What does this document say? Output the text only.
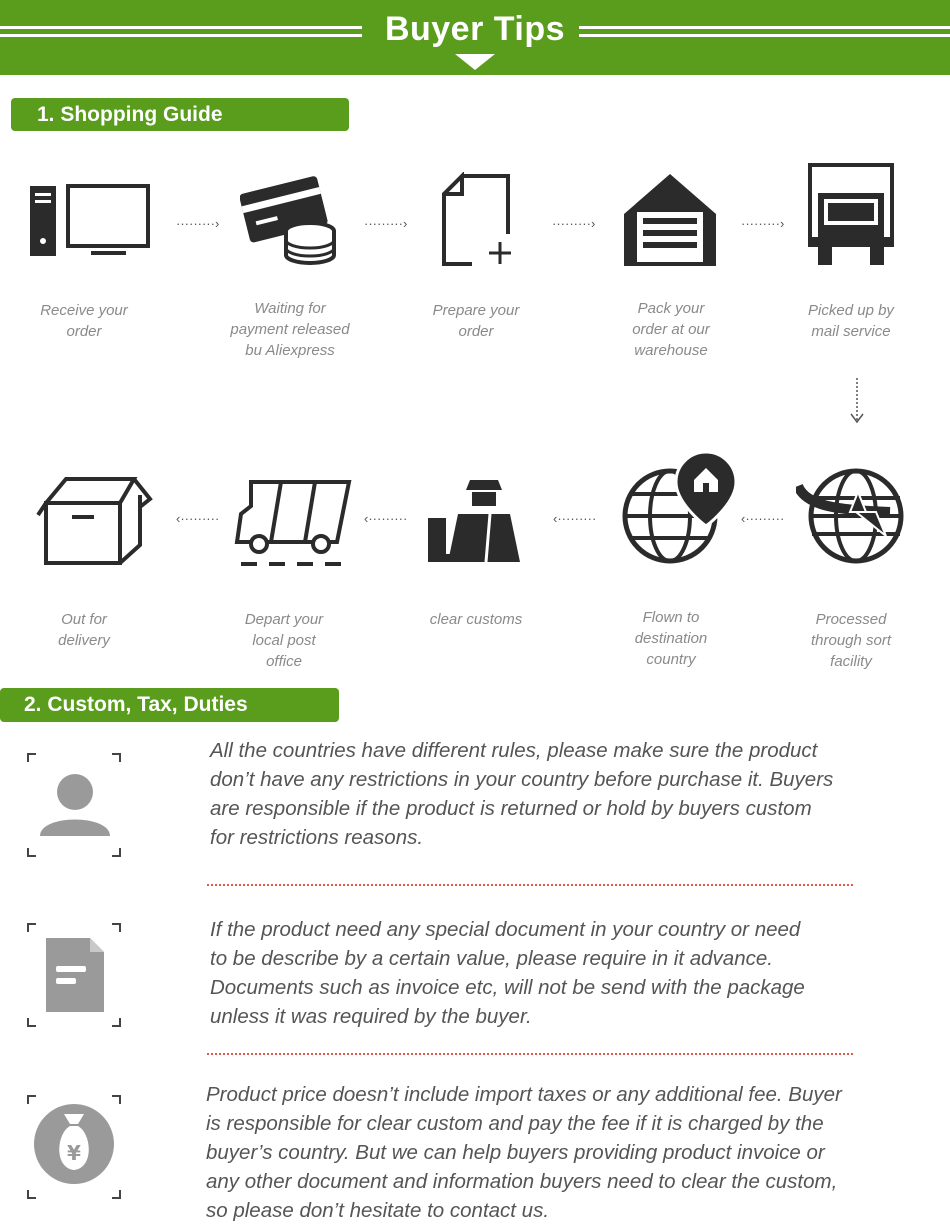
Buyer Tips
1. Shopping Guide
·········›	·········›	·········›	·········›
Receive your
order
Waiting for
payment released
bu Aliexpress
Prepare your
order
Pack your
order at our
warehouse
Picked up by
mail service
‹·········	‹·········	‹·········	‹·········
Out for
delivery
Depart your
local post
office
clear customs	Flown to
destination
country
Processed
through sort
facility
2. Custom, Tax, Duties
All the countries have different rules, please make sure the product
don’t have any restrictions in your country before purchase it. Buyers
are responsible if the product is returned or hold by buyers custom
for restrictions reasons.
If the product need any special document in your country or need
to be describe by a certain value, please require in it advance.
Documents such as invoice etc, will not be send with the package
unless it was required by the buyer.
¥
Product price doesn’t include import taxes or any additional fee. Buyer
is responsible for clear custom and pay the fee if it is charged by the
buyer’s country. But we can help buyers providing product invoice or
any other document and information buyers need to clear the custom,
so please don’t hesitate to contact us.
